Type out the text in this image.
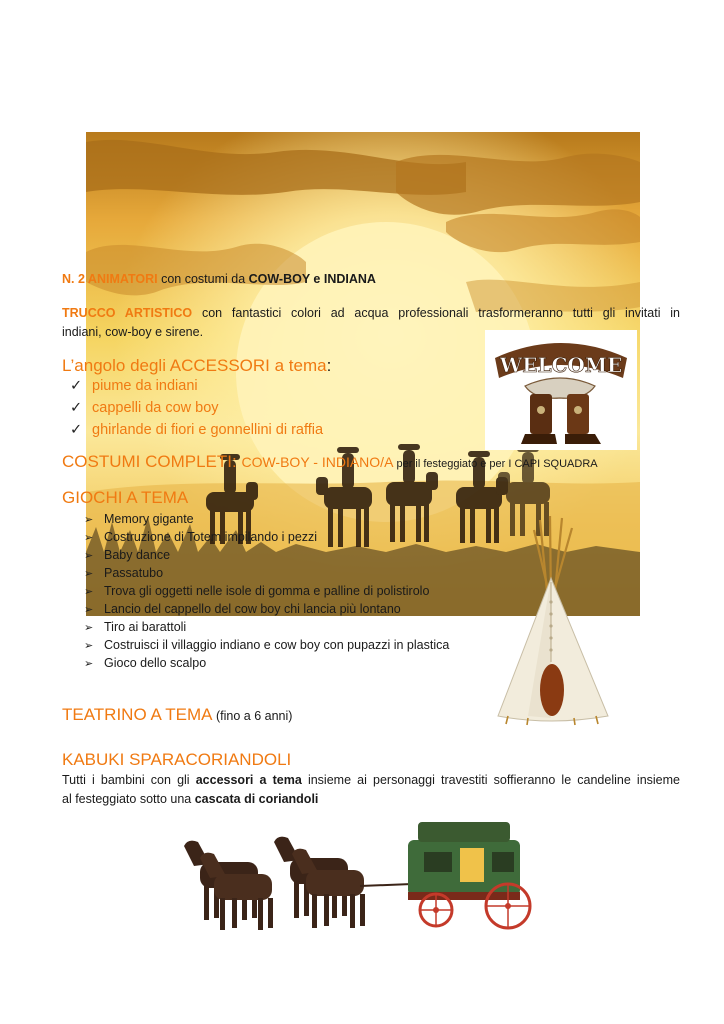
WELCOME
N. 2 ANIMATORI con costumi da COW-BOY e INDIANA
TRUCCO ARTISTICO con fantastici colori ad acqua professionali trasformeranno tutti gli invitati in
indiani, cow-boy e sirene.
L’angolo degli ACCESSORI a tema:
✓ piume da indiani
✓ cappelli da cow boy
✓ ghirlande di fiori e gonnellini di raffia
COSTUMI COMPLETI: COW-BOY - INDIANO/A per il festeggiato e per I CAPI SQUADRA
GIOCHI A TEMA
➢ Memory gigante
➢ Costruzione di Totem impilando i pezzi
➢ Baby dance
➢ Passatubo
➢ Trova gli oggetti nelle isole di gomma e palline di polistirolo
➢ Lancio del cappello del cow boy chi lancia più lontano
➢ Tiro ai barattoli
➢ Costruisci il villaggio indiano e cow boy con pupazzi in plastica
➢ Gioco dello scalpo
TEATRINO A TEMA (fino a 6 anni)
KABUKI SPARACORIANDOLI
Tutti i bambini con gli accessori a tema insieme ai personaggi travestiti soffieranno le candeline insieme
al festeggiato sotto una cascata di coriandoli
